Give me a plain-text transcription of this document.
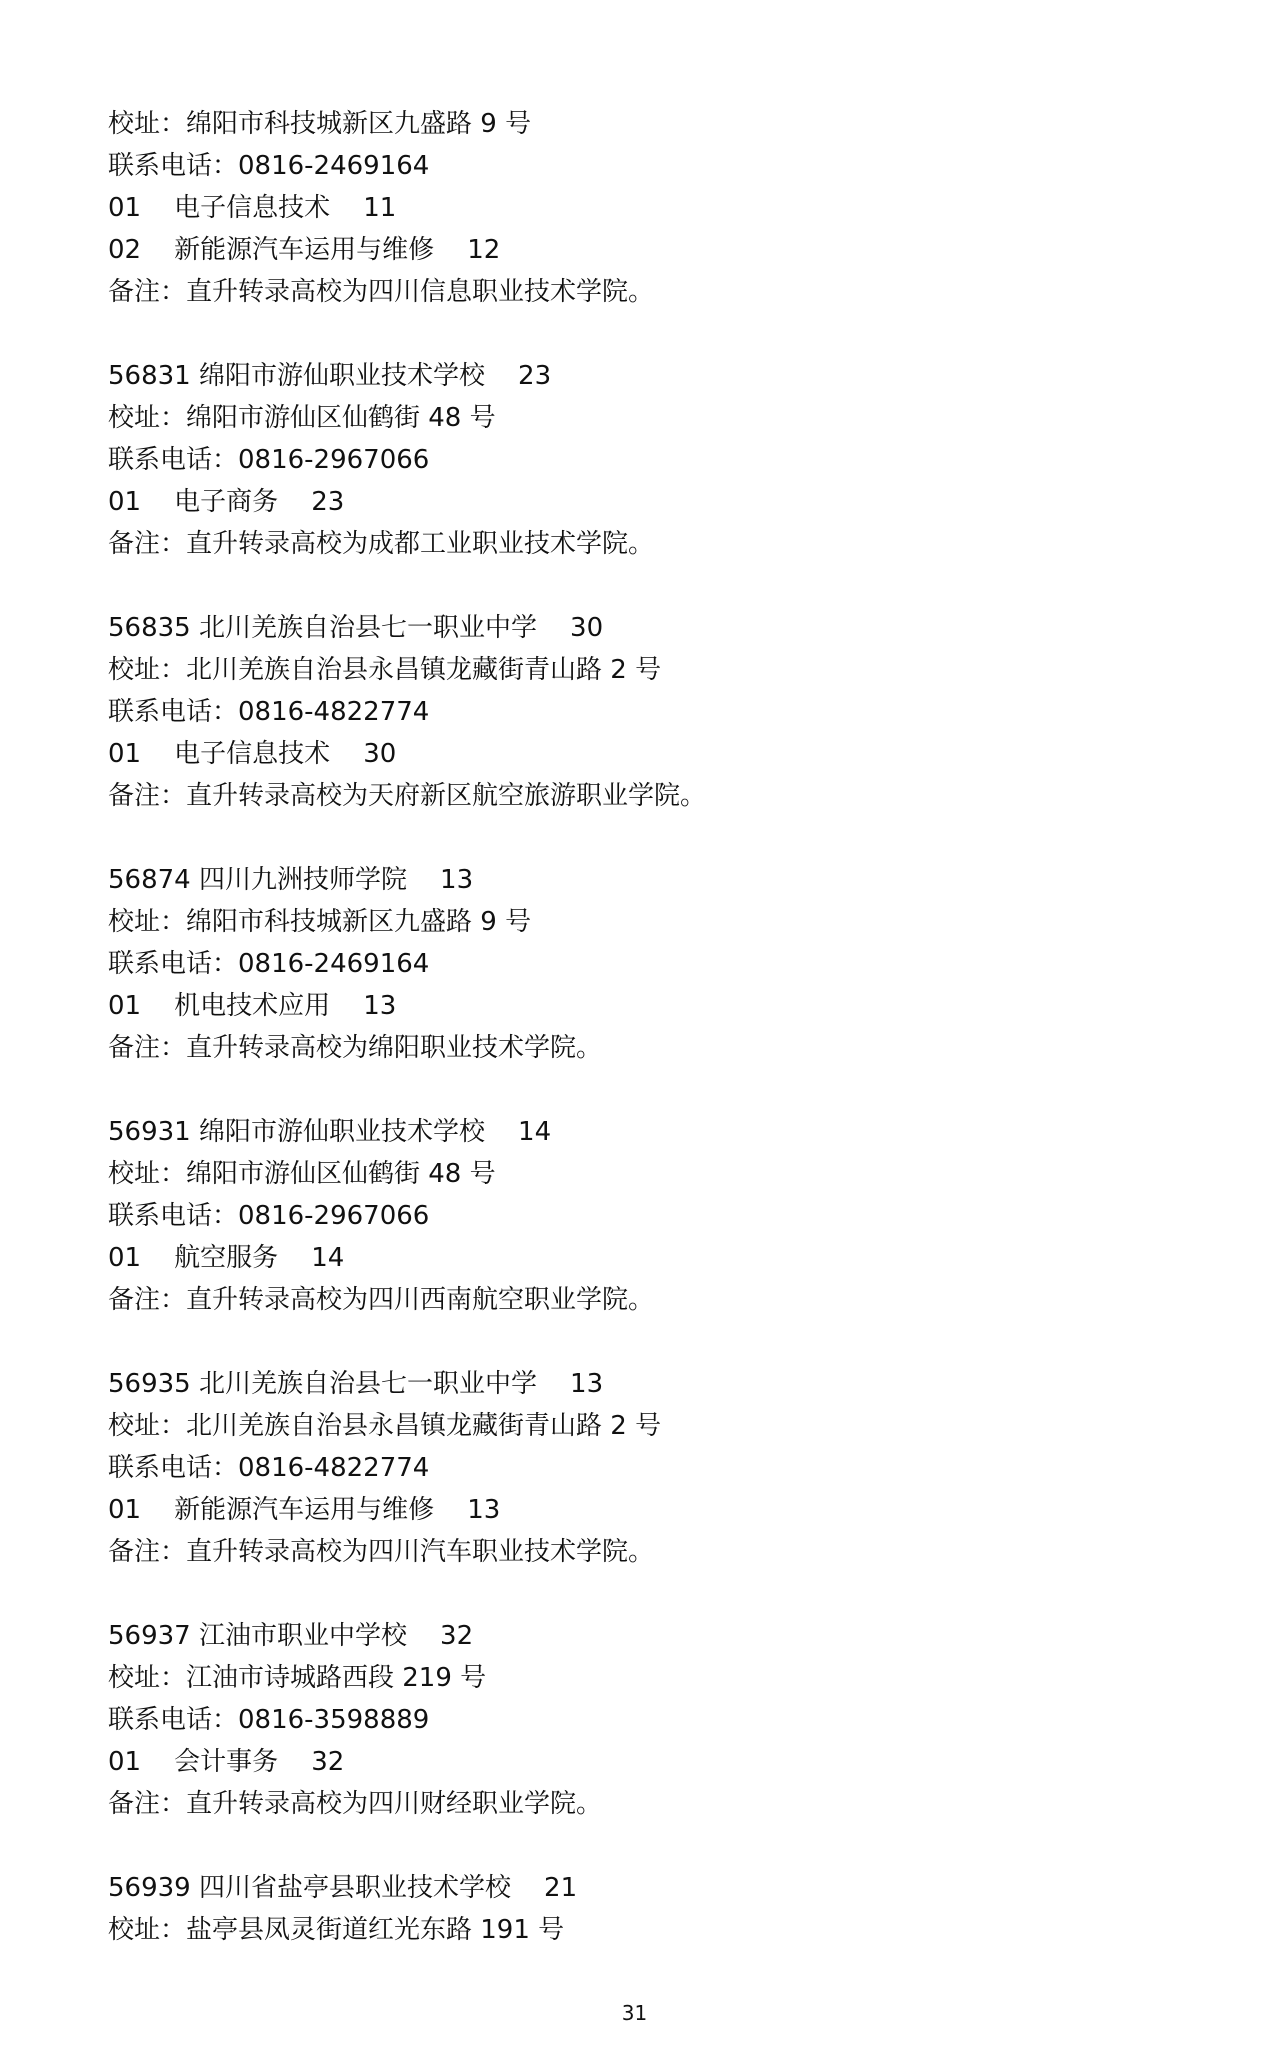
校址：绵阳市科技城新区九盛路 9 号
联系电话：0816-2469164
01    电子信息技术    11
02    新能源汽车运用与维修    12
备注：直升转录高校为四川信息职业技术学院。
56831 绵阳市游仙职业技术学校    23
校址：绵阳市游仙区仙鹤街 48 号
联系电话：0816-2967066
01    电子商务    23
备注：直升转录高校为成都工业职业技术学院。
56835 北川羌族自治县七一职业中学    30
校址：北川羌族自治县永昌镇龙藏街青山路 2 号
联系电话：0816-4822774
01    电子信息技术    30
备注：直升转录高校为天府新区航空旅游职业学院。
56874 四川九洲技师学院    13
校址：绵阳市科技城新区九盛路 9 号
联系电话：0816-2469164
01    机电技术应用    13
备注：直升转录高校为绵阳职业技术学院。
56931 绵阳市游仙职业技术学校    14
校址：绵阳市游仙区仙鹤街 48 号
联系电话：0816-2967066
01    航空服务    14
备注：直升转录高校为四川西南航空职业学院。
56935 北川羌族自治县七一职业中学    13
校址：北川羌族自治县永昌镇龙藏街青山路 2 号
联系电话：0816-4822774
01    新能源汽车运用与维修    13
备注：直升转录高校为四川汽车职业技术学院。
56937 江油市职业中学校    32
校址：江油市诗城路西段 219 号
联系电话：0816-3598889
01    会计事务    32
备注：直升转录高校为四川财经职业学院。
56939 四川省盐亭县职业技术学校    21
校址：盐亭县凤灵街道红光东路 191 号
31
